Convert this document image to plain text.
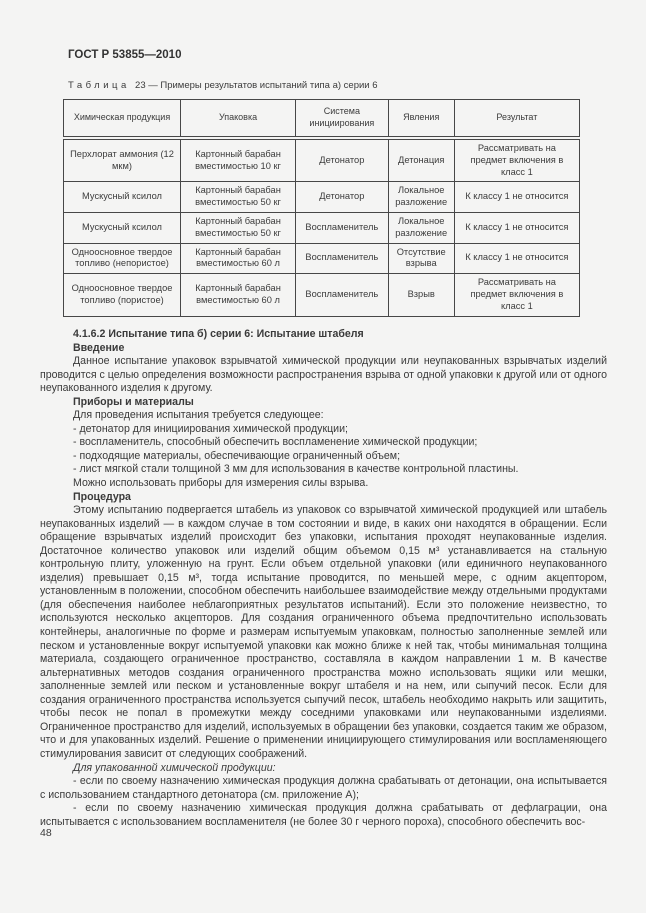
ГОСТ Р 53855—2010
Таблица 23 — Примеры результатов испытаний типа а) серии 6
Химическая продукция	Упаковка	Система инициирования	Явления	Результат
Перхлорат аммония (12 мкм)	Картонный барабан вместимостью 10 кг	Детонатор	Детонация	Рассматривать на предмет включения в класс 1
Мускусный ксилол	Картонный барабан вместимостью 50 кг	Детонатор	Локальное разложение	К классу 1 не относится
Мускусный ксилол	Картонный барабан вместимостью 50 кг	Воспламенитель	Локальное разложение	К классу 1 не относится
Одноосновное твердое топливо (непористое)	Картонный барабан вместимостью 60 л	Воспламенитель	Отсутствие взрыва	К классу 1 не относится
Одноосновное твердое топливо (пористое)	Картонный барабан вместимостью 60 л	Воспламенитель	Взрыв	Рассматривать на предмет включения в класс 1

4.1.6.2 Испытание типа б) серии 6: Испытание штабеля

Введение

Данное испытание упаковок взрывчатой химической продукции или неупакованных взрывчатых изделий проводится с целью определения возможности распространения взрыва от одной упаковки к другой или от одного неупакованного изделия к другому.

Приборы и материалы

Для проведения испытания требуется следующее:

- детонатор для инициирования химической продукции;

- воспламенитель, способный обеспечить воспламенение химической продукции;

- подходящие материалы, обеспечивающие ограниченный объем;

- лист мягкой стали толщиной 3 мм для использования в качестве контрольной пластины.

Можно использовать приборы для измерения силы взрыва.

Процедура

Этому испытанию подвергается штабель из упаковок со взрывчатой химической продукцией или штабель неупакованных изделий — в каждом случае в том состоянии и виде, в каких они находятся в обращении. Если обращение взрывчатых изделий происходит без упаковки, испытания проходят неупакованные изделия. Достаточное количество упаковок или изделий общим объемом 0,15 м³ устанавливается на стальную контрольную плиту, уложенную на грунт. Если объем отдельной упаковки (или единичного неупакованного изделия) превышает 0,15 м³, тогда испытание проводится, по меньшей мере, с одним акцептором, установленным в положении, способном обеспечить наибольшее взаимодействие между отдельными продуктами (для обеспечения наиболее неблагоприятных результатов испытаний). Если это положение неизвестно, то используются несколько акцепторов. Для создания ограниченного объема предпочтительно использовать контейнеры, аналогичные по форме и размерам испытуемым упаковкам, полностью заполненные землей или песком и установленные вокруг испытуемой упаковки как можно ближе к ней так, чтобы минимальная толщина материала, создающего ограниченное пространство, составляла в каждом направлении 1 м. В качестве альтернативных методов создания ограниченного пространства можно использовать ящики или мешки, заполненные землей или песком и установленные вокруг штабеля и на нем, или сыпучий песок. Если для создания ограниченного пространства используется сыпучий песок, штабель необходимо накрыть или защитить, чтобы песок не попал в промежутки между соседними упаковками или неупакованными изделиями. Ограниченное пространство для изделий, используемых в обращении без упаковки, создается таким же образом, что и для упакованных изделий. Решение о применении инициирующего стимулирования или воспламеняющего стимулирования зависит от следующих соображений.

Для упакованной химической продукции:

- если по своему назначению химическая продукция должна срабатывать от детонации, она испытывается с использованием стандартного детонатора (см. приложение А);

- если по своему назначению химическая продукция должна срабатывать от дефлаграции, она испытывается с использованием воспламенителя (не более 30 г черного пороха), способного обеспечить вос-

48
